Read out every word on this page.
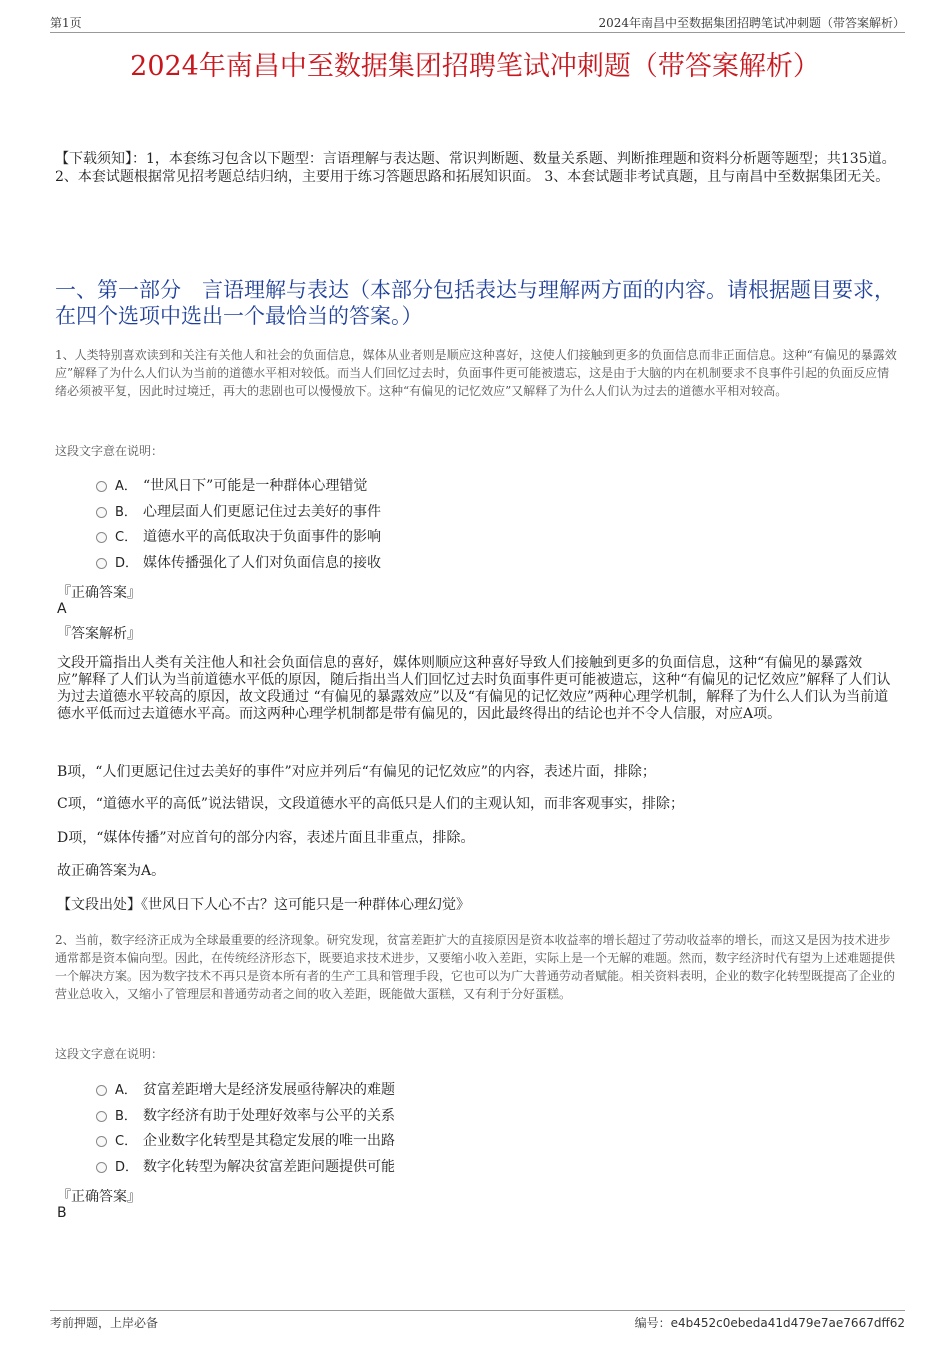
第1页	2024年南昌中至数据集团招聘笔试冲刺题（带答案解析）
2024年南昌中至数据集团招聘笔试冲刺题（带答案解析）
【下载须知】：1，本套练习包含以下题型：言语理解与表达题、常识判断题、数量关系题、判断推理题和资料分析题等题型；共135道。 2、本套试题根据常见招考题总结归纳，主要用于练习答题思路和拓展知识面。 3、本套试题非考试真题，且与南昌中至数据集团无关。
一、第一部分　言语理解与表达（本部分包括表达与理解两方面的内容。请根据题目要求，在四个选项中选出一个最恰当的答案。）
1、人类特别喜欢读到和关注有关他人和社会的负面信息，媒体从业者则是顺应这种喜好，这使人们接触到更多的负面信息而非正面信息。这种“有偏见的暴露效应”解释了为什么人们认为当前的道德水平相对较低。而当人们回忆过去时，负面事件更可能被遗忘，这是由于大脑的内在机制要求不良事件引起的负面反应情绪必须被平复，因此时过境迁，再大的悲剧也可以慢慢放下。这种“有偏见的记忆效应”又解释了为什么人们认为过去的道德水平相对较高。
这段文字意在说明：
A． “世风日下”可能是一种群体心理错觉
B． 心理层面人们更愿记住过去美好的事件
C． 道德水平的高低取决于负面事件的影响
D． 媒体传播强化了人们对负面信息的接收
『正确答案』
A
『答案解析』
文段开篇指出人类有关注他人和社会负面信息的喜好，媒体则顺应这种喜好导致人们接触到更多的负面信息，这种“有偏见的暴露效应”解释了人们认为当前道德水平低的原因，随后指出当人们回忆过去时负面事件更可能被遗忘，这种“有偏见的记忆效应”解释了人们认为过去道德水平较高的原因，故文段通过 “有偏见的暴露效应”以及“有偏见的记忆效应”两种心理学机制，解释了为什么人们认为当前道德水平低而过去道德水平高。而这两种心理学机制都是带有偏见的，因此最终得出的结论也并不令人信服，对应A项。
B项，“人们更愿记住过去美好的事件”对应并列后“有偏见的记忆效应”的内容，表述片面，排除；
C项，“道德水平的高低”说法错误，文段道德水平的高低只是人们的主观认知，而非客观事实，排除；
D项，“媒体传播”对应首句的部分内容，表述片面且非重点，排除。
故正确答案为A。
【文段出处】《世风日下人心不古？这可能只是一种群体心理幻觉》
2、当前，数字经济正成为全球最重要的经济现象。研究发现，贫富差距扩大的直接原因是资本收益率的增长超过了劳动收益率的增长，而这又是因为技术进步通常都是资本偏向型。因此，在传统经济形态下，既要追求技术进步，又要缩小收入差距，实际上是一个无解的难题。然而，数字经济时代有望为上述难题提供一个解决方案。因为数字技术不再只是资本所有者的生产工具和管理手段，它也可以为广大普通劳动者赋能。相关资料表明，企业的数字化转型既提高了企业的营业总收入，又缩小了管理层和普通劳动者之间的收入差距，既能做大蛋糕，又有利于分好蛋糕。
这段文字意在说明：
A． 贫富差距增大是经济发展亟待解决的难题
B． 数字经济有助于处理好效率与公平的关系
C． 企业数字化转型是其稳定发展的唯一出路
D． 数字化转型为解决贫富差距问题提供可能
『正确答案』
B
考前押题，上岸必备	编号：e4b452c0ebeda41d479e7ae7667dff62
